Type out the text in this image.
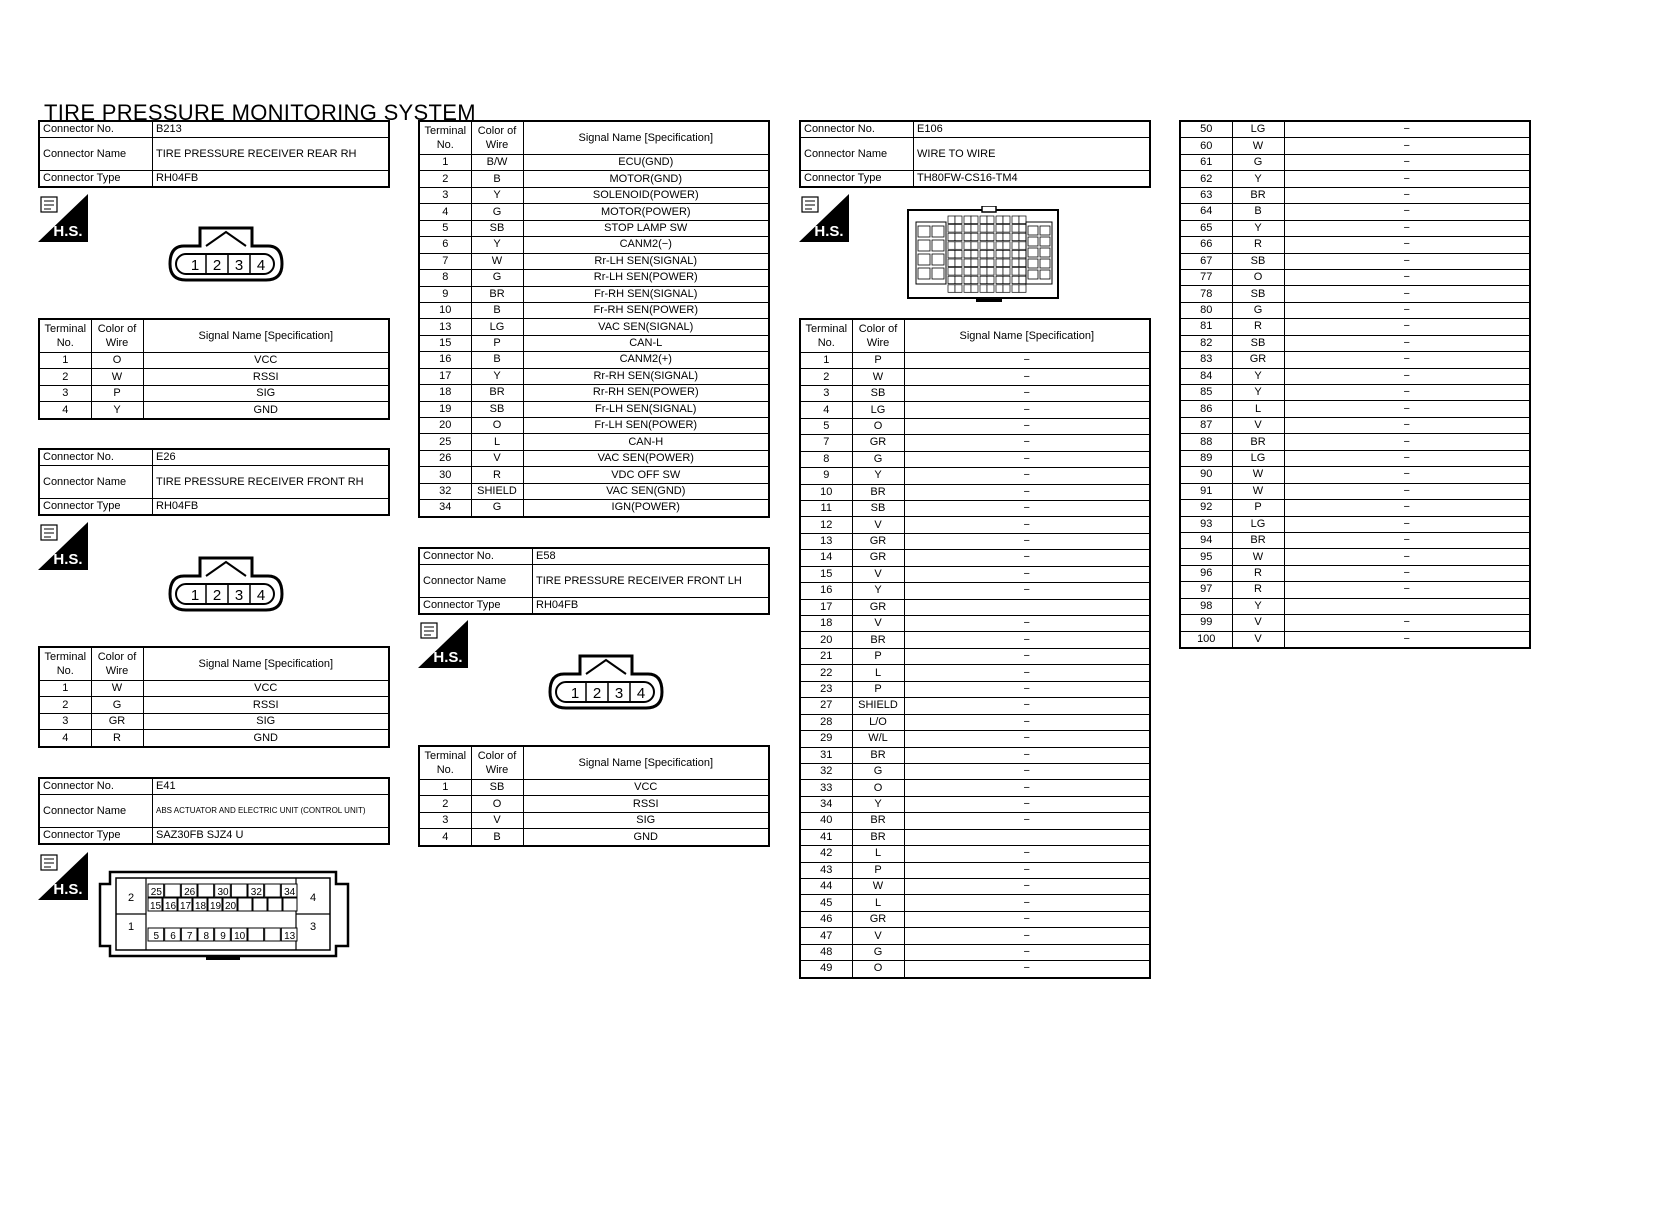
TIRE PRESSURE MONITORING SYSTEM
Connector No.	B213
Connector Name	TIRE PRESSURE RECEIVER REAR RH
Connector Type	RH04FB
H.S.
1 2 3 4
Terminal No.	Color of Wire	Signal Name [Specification]
1	O	VCC
2	W	RSSI
3	P	SIG
4	Y	GND
Connector No.	E26
Connector Name	TIRE PRESSURE RECEIVER FRONT RH
Connector Type	RH04FB
H.S.
1 2 3 4
Terminal No.	Color of Wire	Signal Name [Specification]
1	W	VCC
2	G	RSSI
3	GR	SIG
4	R	GND
Connector No.	E41
Connector Name	ABS ACTUATOR AND ELECTRIC UNIT (CONTROL UNIT)
Connector Type	SAZ30FB SJZ4 U
H.S.	2
1
4
3
25 26 30 32 34
15 16 17 18 19 20
5 6 7 8 9 10	13
Terminal No.	Color of Wire	Signal Name [Specification]
1	B/W	ECU(GND)
2	B	MOTOR(GND)
3	Y	SOLENOID(POWER)
4	G	MOTOR(POWER)
5	SB	STOP LAMP SW
6	Y	CANM2(−)
7	W	Rr-LH SEN(SIGNAL)
8	G	Rr-LH SEN(POWER)
9	BR	Fr-RH SEN(SIGNAL)
10	B	Fr-RH SEN(POWER)
13	LG	VAC SEN(SIGNAL)
15	P	CAN-L
16	B	CANM2(+)
17	Y	Rr-RH SEN(SIGNAL)
18	BR	Rr-RH SEN(POWER)
19	SB	Fr-LH SEN(SIGNAL)
20	O	Fr-LH SEN(POWER)
25	L	CAN-H
26	V	VAC SEN(POWER)
30	R	VDC OFF SW
32	SHIELD	VAC SEN(GND)
34	G	IGN(POWER)
Connector No.	E58
Connector Name	TIRE PRESSURE RECEIVER FRONT LH
Connector Type	RH04FB
H.S.
1 2 3 4
Terminal No.	Color of Wire	Signal Name [Specification]
1	SB	VCC
2	O	RSSI
3	V	SIG
4	B	GND
Connector No.	E106
Connector Name	WIRE TO WIRE
Connector Type	TH80FW-CS16-TM4
H.S.
Terminal No.	Color of Wire	Signal Name [Specification]
1	P	−
2	W	−
3	SB	−
4	LG	−
5	O	−
7	GR	−
8	G	−
9	Y	−
10	BR	−
11	SB	−
12	V	−
13	GR	−
14	GR	−
15	V	−
16	Y	−
17	GR	
18	V	−
20	BR	−
21	P	−
22	L	−
23	P	−
27	SHIELD	−
28	L/O	−
29	W/L	−
31	BR	−
32	G	−
33	O	−
34	Y	−
40	BR	−
41	BR	
42	L	−
43	P	−
44	W	−
45	L	−
46	GR	−
47	V	−
48	G	−
49	O	−
50	LG	−
60	W	−
61	G	−
62	Y	−
63	BR	−
64	B	−
65	Y	−
66	R	−
67	SB	−
77	O	−
78	SB	−
80	G	−
81	R	−
82	SB	−
83	GR	−
84	Y	−
85	Y	−
86	L	−
87	V	−
88	BR	−
89	LG	−
90	W	−
91	W	−
92	P	−
93	LG	−
94	BR	−
95	W	−
96	R	−
97	R	−
98	Y	
99	V	−
100	V	−
